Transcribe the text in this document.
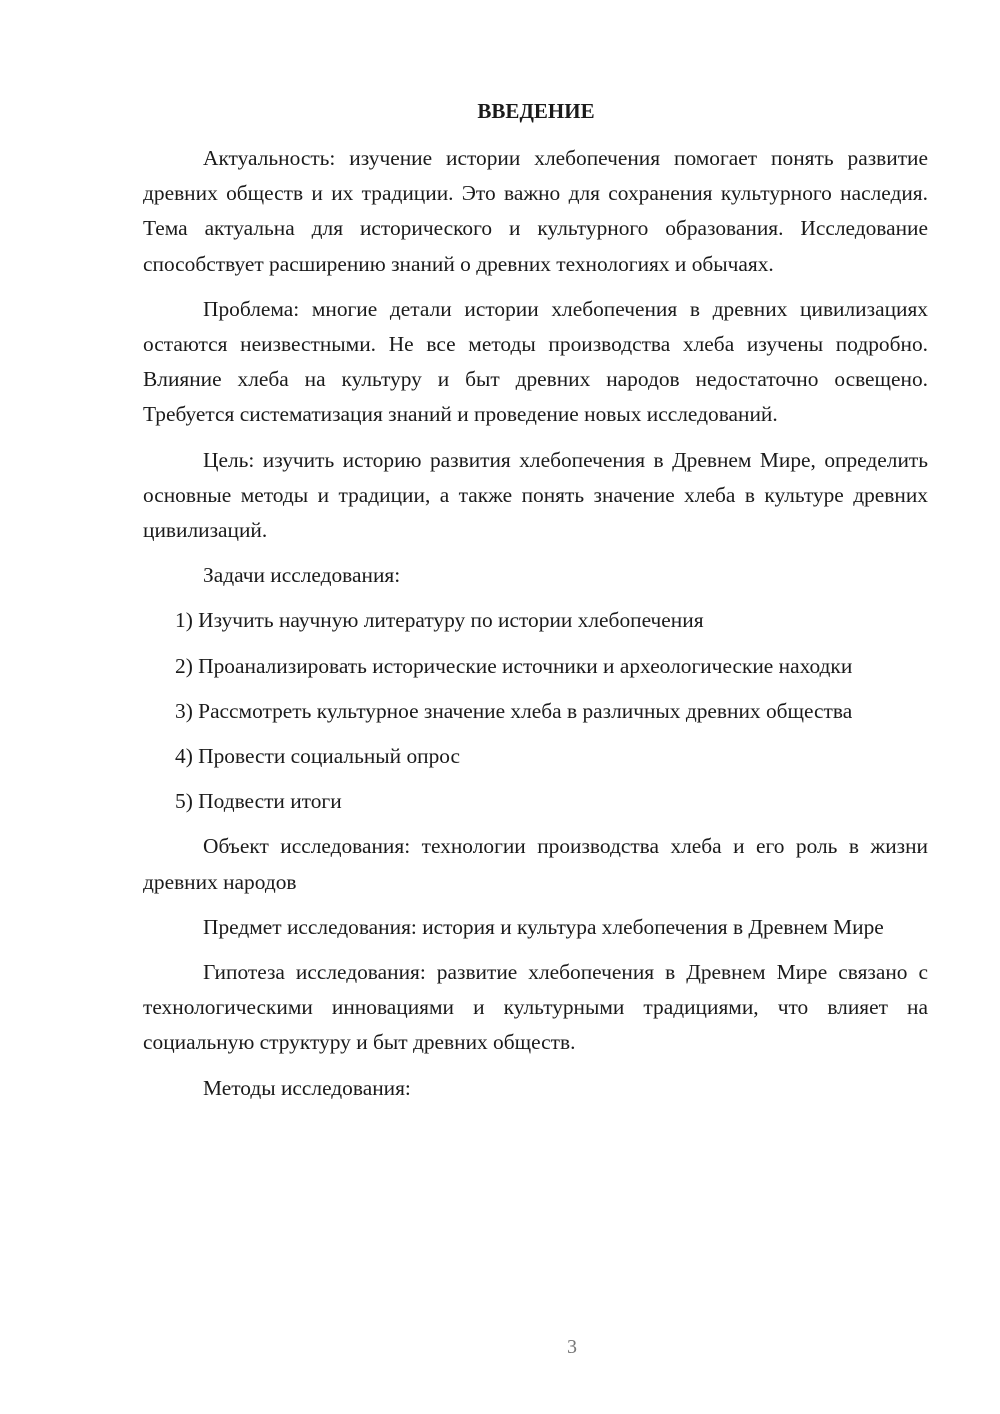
ВВЕДЕНИЕ

Актуальность: изучение истории хлебопечения помогает понять развитие древних обществ и их традиции. Это важно для сохранения культурного наследия. Тема актуальна для исторического и культурного образования. Исследование способствует расширению знаний о древних технологиях и обычаях.

Проблема: многие детали истории хлебопечения в древних цивилизациях остаются неизвестными. Не все методы производства хлеба изучены подробно. Влияние хлеба на культуру и быт древних народов недостаточно освещено. Требуется систематизация знаний и проведение новых исследований.

Цель: изучить историю развития хлебопечения в Древнем Мире, определить основные методы и традиции, а также понять значение хлеба в культуре древних цивилизаций.

Задачи исследования:

1) Изучить научную литературу по истории хлебопечения

2) Проанализировать исторические источники и археологические находки

3) Рассмотреть культурное значение хлеба в различных древних общества

4) Провести социальный опрос

5) Подвести итоги

Объект исследования: технологии производства хлеба и его роль в жизни древних народов

Предмет исследования: история и культура хлебопечения в Древнем Мире

Гипотеза исследования: развитие хлебопечения в Древнем Мире связано с технологическими инновациями и культурными традициями, что влияет на социальную структуру и быт древних обществ.

Методы исследования:

3
